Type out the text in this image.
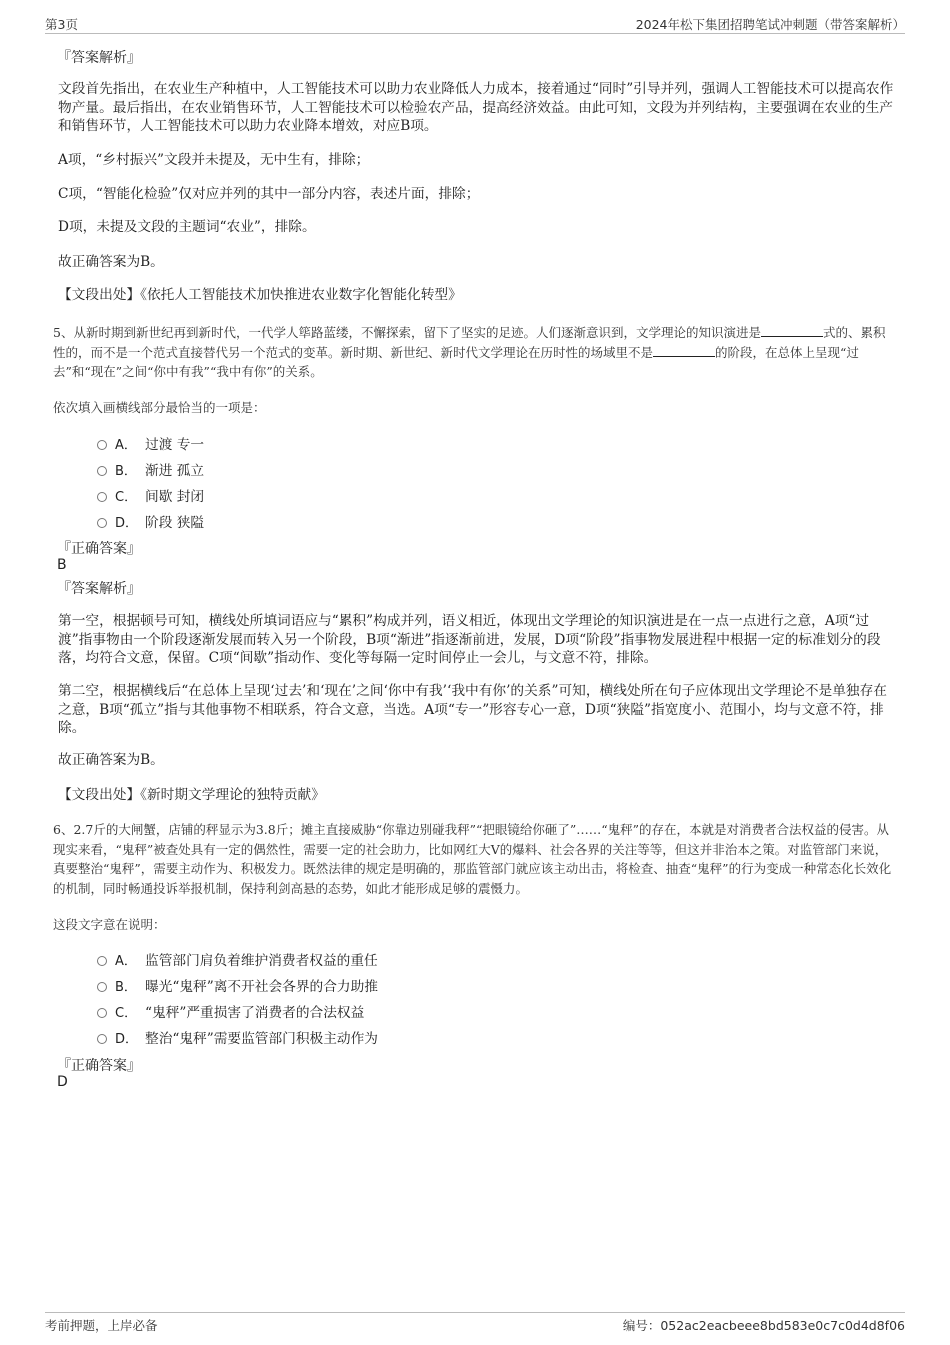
第3页	2024年松下集团招聘笔试冲刺题（带答案解析）
『答案解析』
文段首先指出，在农业生产种植中，人工智能技术可以助力农业降低人力成本，接着通过“同时”引导并列，强调人工智能技术可以提高农作物产量。最后指出，在农业销售环节，人工智能技术可以检验农产品，提高经济效益。由此可知，文段为并列结构，主要强调在农业的生产和销售环节，人工智能技术可以助力农业降本增效，对应B项。
A项，“乡村振兴”文段并未提及，无中生有，排除；
C项，“智能化检验”仅对应并列的其中一部分内容，表述片面，排除；
D项，未提及文段的主题词“农业”，排除。
故正确答案为B。
【文段出处】《依托人工智能技术加快推进农业数字化智能化转型》
5、从新时期到新世纪再到新时代，一代学人筚路蓝缕，不懈探索，留下了坚实的足迹。人们逐渐意识到，文学理论的知识演进是	式的、累积性的，而不是一个范式直接替代另一个范式的变革。新时期、新世纪、新时代文学理论在历时性的场域里不是	的阶段，在总体上呈现“过去”和“现在”之间“你中有我”“我中有你”的关系。
依次填入画横线部分最恰当的一项是：
A． 过渡 专一
B． 渐进 孤立
C． 间歇 封闭
D． 阶段 狭隘
『正确答案』
B
『答案解析』
第一空，根据顿号可知，横线处所填词语应与“累积”构成并列，语义相近，体现出文学理论的知识演进是在一点一点进行之意，A项“过渡”指事物由一个阶段逐渐发展而转入另一个阶段，B项“渐进”指逐渐前进，发展，D项“阶段”指事物发展进程中根据一定的标准划分的段落，均符合文意，保留。C项“间歇”指动作、变化等每隔一定时间停止一会儿，与文意不符，排除。
第二空，根据横线后“在总体上呈现‘过去’和‘现在’之间‘你中有我’‘我中有你’的关系”可知，横线处所在句子应体现出文学理论不是单独存在之意，B项“孤立”指与其他事物不相联系，符合文意，当选。A项“专一”形容专心一意，D项“狭隘”指宽度小、范围小，均与文意不符，排除。
故正确答案为B。
【文段出处】《新时期文学理论的独特贡献》
6、2.7斤的大闸蟹，店铺的秤显示为3.8斤；摊主直接威胁“你靠边别碰我秤”“把眼镜给你砸了”……“鬼秤”的存在，本就是对消费者合法权益的侵害。从现实来看，“鬼秤”被查处具有一定的偶然性，需要一定的社会助力，比如网红大V的爆料、社会各界的关注等等，但这并非治本之策。对监管部门来说，真要整治“鬼秤”，需要主动作为、积极发力。既然法律的规定是明确的，那监管部门就应该主动出击，将检查、抽查“鬼秤”的行为变成一种常态化长效化的机制，同时畅通投诉举报机制，保持利剑高悬的态势，如此才能形成足够的震慑力。
这段文字意在说明：
A． 监管部门肩负着维护消费者权益的重任
B． 曝光“鬼秤”离不开社会各界的合力助推
C． “鬼秤”严重损害了消费者的合法权益
D． 整治“鬼秤”需要监管部门积极主动作为
『正确答案』
D
考前押题，上岸必备	编号：052ac2eacbeee8bd583e0c7c0d4d8f06
